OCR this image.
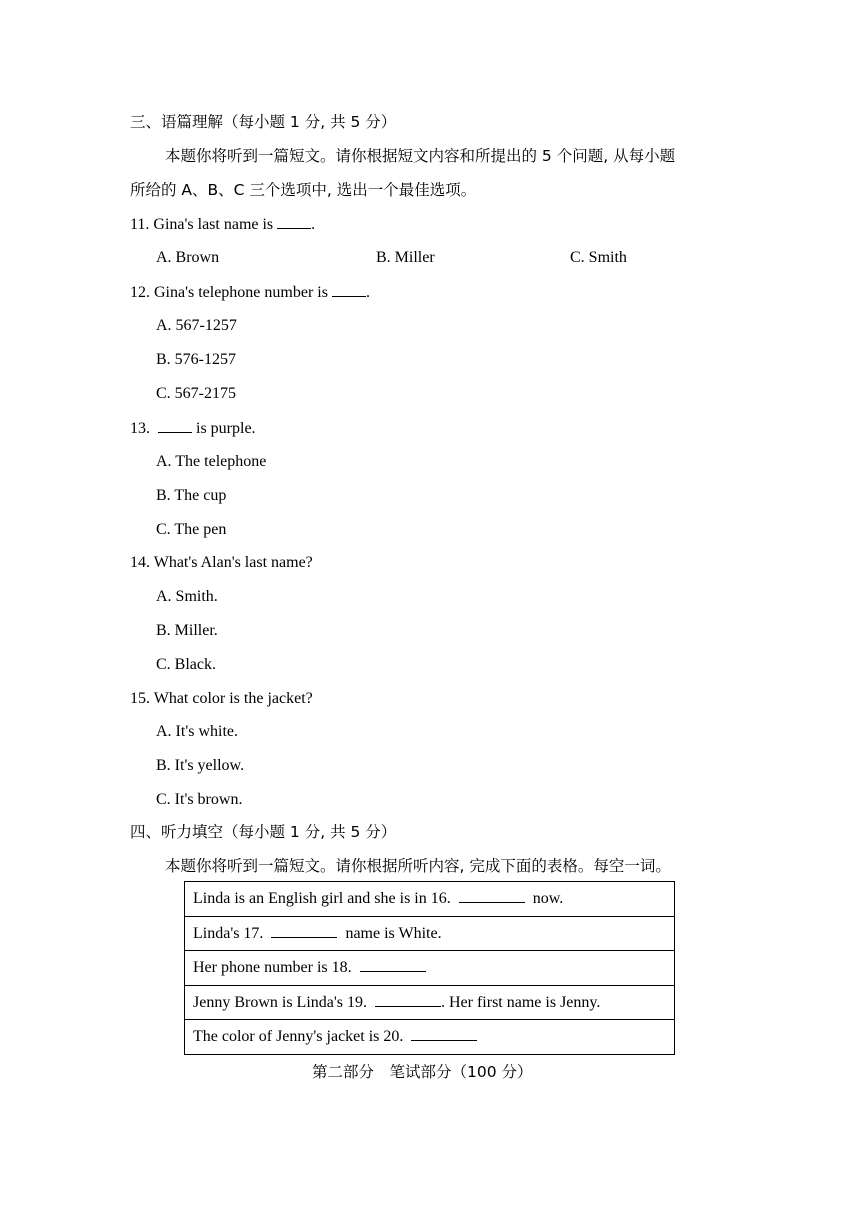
三、语篇理解（每小题 1 分, 共 5 分）
本题你将听到一篇短文。请你根据短文内容和所提出的 5 个问题, 从每小题
所给的 A、B、C 三个选项中, 选出一个最佳选项。
11. Gina's last name is .
A. Brown	B. Miller	C. Smith
12. Gina's telephone number is .
A. 567-1257
B. 576-1257
C. 567-2175
13.	is purple.
A. The telephone
B. The cup
C. The pen
14. What's Alan's last name?
A. Smith.
B. Miller.
C. Black.
15. What color is the jacket?
A. It's white.
B. It's yellow.
C. It's brown.
四、听力填空（每小题 1 分, 共 5 分）
本题你将听到一篇短文。请你根据所听内容, 完成下面的表格。每空一词。
Linda is an English girl and she is in 16.	now.
Linda's 17.	name is White.
Her phone number is 18.
Jenny Brown is Linda's 19.	. Her first name is Jenny.
The color of Jenny's jacket is 20.
第二部分　笔试部分（100 分）
